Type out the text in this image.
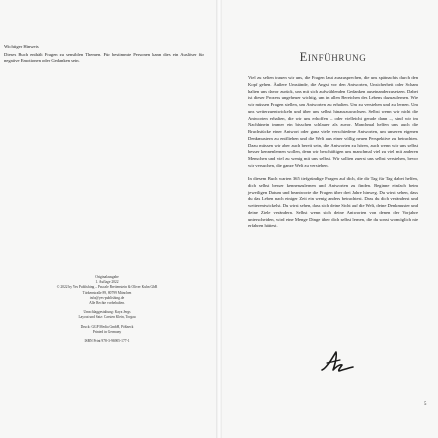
Wichtiger Hinweis

Dieses Buch enthält Fragen zu sensiblen Themen. Für bestimmte Personen kann dies ein Auslöser für negative Emotionen oder Gedanken sein.

Originalausgabe
1. Auflage 2022
© 2022 by Yes Publishing – Pascale Breitenstein & Oliver Kuhn GbR
Türkenstraße 89, 80799 München
info@yes-publishing.de
Alle Rechte vorbehalten.
Umschlaggestaltung: Kaya Jergs
Layout und Satz: Carsten Klein, Torgau
Druck: GGP Media GmbH, Pößneck
Printed in Germany
ISBN Print 978-3-96905-177-1
Einführung

Viel zu selten trauen wir uns, die Fragen laut auszusprechen, die uns spätnachts durch den Kopf gehen. Äußere Umstände, die Angst vor den Antworten, Unsicherheit oder Scham halten uns davor zurück, uns mit sich aufwühlenden Gedanken auseinanderzusetzen. Dabei ist dieser Prozess ungeheuer wichtig, um in allen Bereichen des Lebens dazuzulernen. Wie wir müssen Fragen stellen, um Antworten zu erhalten. Um zu verstehen und zu lernen. Um uns weiterzuentwickeln und über uns selbst hinauszuwachsen. Selbst wenn wir nicht die Antworten erhalten, die wir uns erhoffen – oder vielleicht gerade dann –, sind wir im Nachhinein immer ein bisschen schlauer als zuvor. Manchmal helfen uns auch die Bruchstücke einer Antwort oder ganz viele verschiedene Antworten, um unseren eigenen Denkmustern zu entfliehen und die Welt aus einer völlig neuen Perspektive zu betrachten. Dazu müssen wir aber auch bereit sein, die Antworten zu hören, auch wenn wir uns selbst besser kennenlernen wollen, denn wir beschäftigen uns manchmal viel zu viel mit anderen Menschen und viel zu wenig mit uns selbst. Wir sollten zuerst uns selbst verstehen, bevor wir versuchen, die ganze Welt zu verstehen.

In diesem Buch warten 365 tiefgründige Fragen auf dich, die dir Tag für Tag dabei helfen, dich selbst besser kennenzulernen und Antworten zu finden. Beginne einfach beim jeweiligen Datum und beantworte die Fragen über drei Jahre hinweg. Du wirst sehen, dass du das Leben nach einiger Zeit ein wenig anders betrachtest. Dass du dich veränderst und weiterentwickelst. Du wirst sehen, dass sich deine Sicht auf die Welt, deine Denkmuster und deine Ziele verändern. Selbst wenn sich deine Antworten von denen der Vorjahre unterscheiden, wird eine Menge Dinge über dich selbst lernen, die du sonst womöglich nie erfahren hättest.

5
